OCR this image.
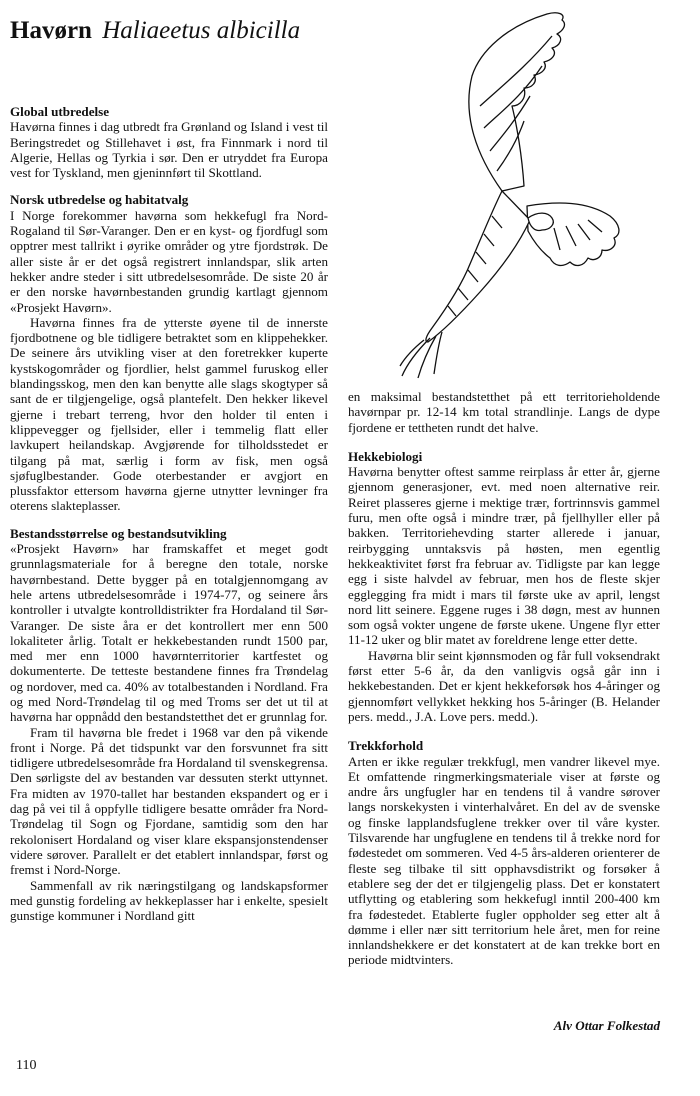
Havørn Haliaeetus albicilla
Global utbredelse

Havørna finnes i dag utbredt fra Grønland og Island i vest til Beringstredet og Stillehavet i øst, fra Finnmark i nord til Algerie, Hellas og Tyrkia i sør. Den er utryddet fra Europa vest for Tyskland, men gjeninnført til Skottland.

Norsk utbredelse og habitatvalg

I Norge forekommer havørna som hekkefugl fra Nord-Rogaland til Sør-Varanger. Den er en kyst- og fjordfugl som opptrer mest tallrikt i øyrike områder og ytre fjordstrøk. De aller siste år er det også registrert innlandspar, slik arten hekker andre steder i sitt utbredelsesområde. De siste 20 år er den norske havørnbestanden grundig kartlagt gjennom «Prosjekt Havørn».

Havørna finnes fra de ytterste øyene til de innerste fjordbotnene og ble tidligere betraktet som en klippehekker. De seinere års utvikling viser at den foretrekker kuperte kystskogområder og fjordlier, helst gammel furuskog eller blandingsskog, men den kan benytte alle slags skogtyper så sant de er tilgjengelige, også plantefelt. Den hekker likevel gjerne i trebart terreng, hvor den holder til enten i klippevegger og fjellsider, eller i temmelig flatt eller lavkupert heilandskap. Avgjørende for tilholdsstedet er tilgang på mat, særlig i form av fisk, men også sjøfuglbestander. Gode oterbestander er avgjort en plussfaktor ettersom havørna gjerne utnytter levninger fra oterens slakteplasser.

Bestandsstørrelse og bestandsutvikling

«Prosjekt Havørn» har framskaffet et meget godt grunnlagsmateriale for å beregne den totale, norske havørnbestand. Dette bygger på en totalgjennomgang av hele artens utbredelsesområde i 1974-77, og seinere års kontroller i utvalgte kontrolldistrikter fra Hordaland til Sør-Varanger. De siste åra er det kontrollert mer enn 500 lokaliteter årlig. Totalt er hekkebestanden rundt 1500 par, med mer enn 1000 havørnterritorier kartfestet og dokumenterte. De tetteste bestandene finnes fra Trøndelag og nordover, med ca. 40% av totalbestanden i Nordland. Fra og med Nord-Trøndelag til og med Troms ser det ut til at havørna har oppnådd den bestandstetthet det er grunnlag for.

Fram til havørna ble fredet i 1968 var den på vikende front i Norge. På det tidspunkt var den forsvunnet fra sitt tidligere utbredelsesområde fra Hordaland til svenskegrensa. Den sørligste del av bestanden var dessuten sterkt uttynnet. Fra midten av 1970-tallet har bestanden ekspandert og er i dag på vei til å oppfylle tidligere besatte områder fra Nord-Trøndelag til Sogn og Fjordane, samtidig som den har rekolonisert Hordaland og viser klare ekspansjonstendenser videre sørover. Parallelt er det etablert innlandspar, først og fremst i Nord-Norge.

Sammenfall av rik næringstilgang og landskapsformer med gunstig fordeling av hekkeplasser har i enkelte, spesielt gunstige kommuner i Nordland gitt

en maksimal bestandstetthet på ett territorieholdende havørnpar pr. 12-14 km total strandlinje. Langs de dype fjordene er tettheten rundt det halve.

Hekkebiologi

Havørna benytter oftest samme reirplass år etter år, gjerne gjennom generasjoner, evt. med noen alternative reir. Reiret plasseres gjerne i mektige trær, fortrinnsvis gammel furu, men ofte også i mindre trær, på fjellhyller eller på bakken. Territoriehevding starter allerede i januar, reirbygging unntaksvis på høsten, men egentlig hekkeaktivitet først fra februar av. Tidligste par kan legge egg i siste halvdel av februar, men hos de fleste skjer egglegging fra midt i mars til første uke av april, lengst nord litt seinere. Eggene ruges i 38 døgn, mest av hunnen som også vokter ungene de første ukene. Ungene flyr etter 11-12 uker og blir matet av foreldrene lenge etter dette.

Havørna blir seint kjønnsmoden og får full voksendrakt først etter 5-6 år, da den vanligvis også går inn i hekkebestanden. Det er kjent hekkeforsøk hos 4-åringer og gjennomført vellykket hekking hos 5-åringer (B. Helander pers. medd., J.A. Love pers. medd.).

Trekkforhold

Arten er ikke regulær trekkfugl, men vandrer likevel mye. Et omfattende ringmerkingsmateriale viser at første og andre års ungfugler har en tendens til å vandre sørover langs norskekysten i vinterhalvåret. En del av de svenske og finske lapplandsfuglene trekker over til våre kyster. Tilsvarende har ungfuglene en tendens til å trekke nord for fødestedet om sommeren. Ved 4-5 års-alderen orienterer de fleste seg tilbake til sitt opphavsdistrikt og forsøker å etablere seg der det er tilgjengelig plass. Det er konstatert utflytting og etablering som hekkefugl inntil 200-400 km fra fødestedet. Etablerte fugler oppholder seg etter alt å dømme i eller nær sitt territorium hele året, men for reine innlandshekkere er det konstatert at de kan trekke bort en periode midtvinters.

Alv Ottar Folkestad
110
